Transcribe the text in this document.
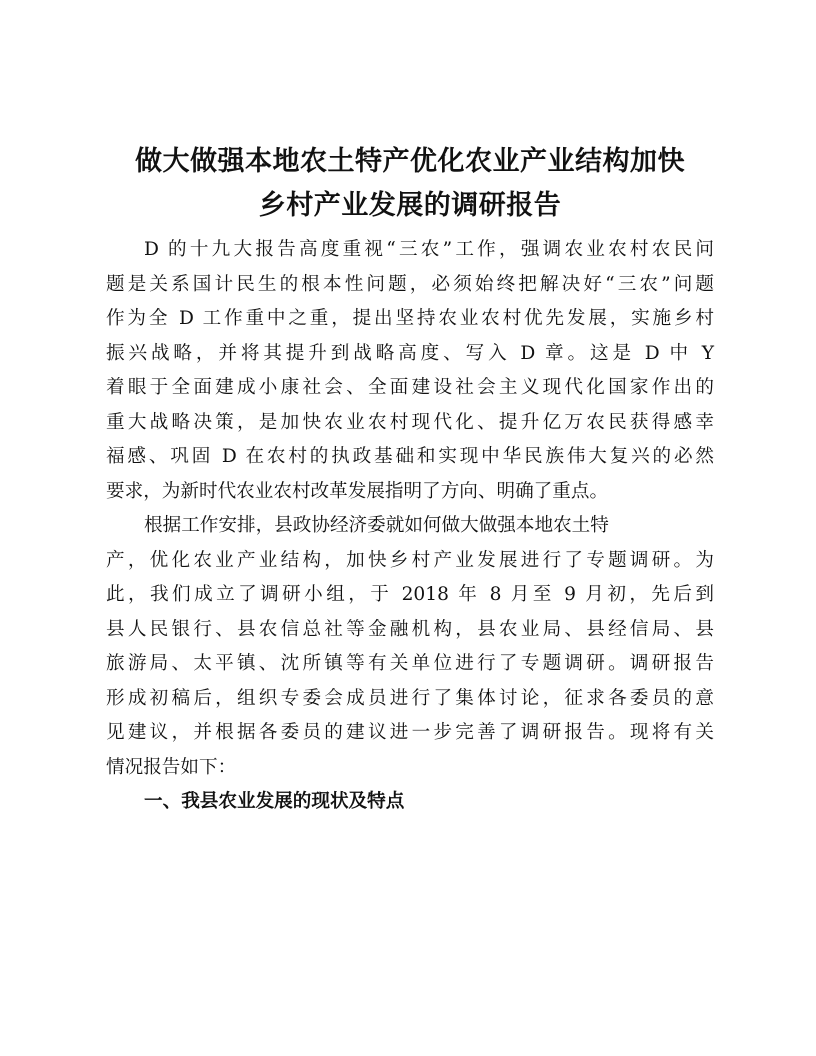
做大做强本地农土特产优化农业产业结构加快
乡村产业发展的调研报告
D 的十九大报告高度重视“三农”工作，强调农业农村农民问
题是关系国计民生的根本性问题，必须始终把解决好“三农”问题
作为全 D 工作重中之重，提出坚持农业农村优先发展，实施乡村
振兴战略，并将其提升到战略高度、写入 D 章。这是 D 中 Y
着眼于全面建成小康社会、全面建设社会主义现代化国家作出的
重大战略决策，是加快农业农村现代化、提升亿万农民获得感幸
福感、巩固 D 在农村的执政基础和实现中华民族伟大复兴的必然
要求，为新时代农业农村改革发展指明了方向、明确了重点。
根据工作安排，县政协经济委就如何做大做强本地农土特
产，优化农业产业结构，加快乡村产业发展进行了专题调研。为
此，我们成立了调研小组，于 2018 年 8 月至 9 月初，先后到
县人民银行、县农信总社等金融机构，县农业局、县经信局、县
旅游局、太平镇、沈所镇等有关单位进行了专题调研。调研报告
形成初稿后，组织专委会成员进行了集体讨论，征求各委员的意
见建议，并根据各委员的建议进一步完善了调研报告。现将有关
情况报告如下：
一、我县农业发展的现状及特点
